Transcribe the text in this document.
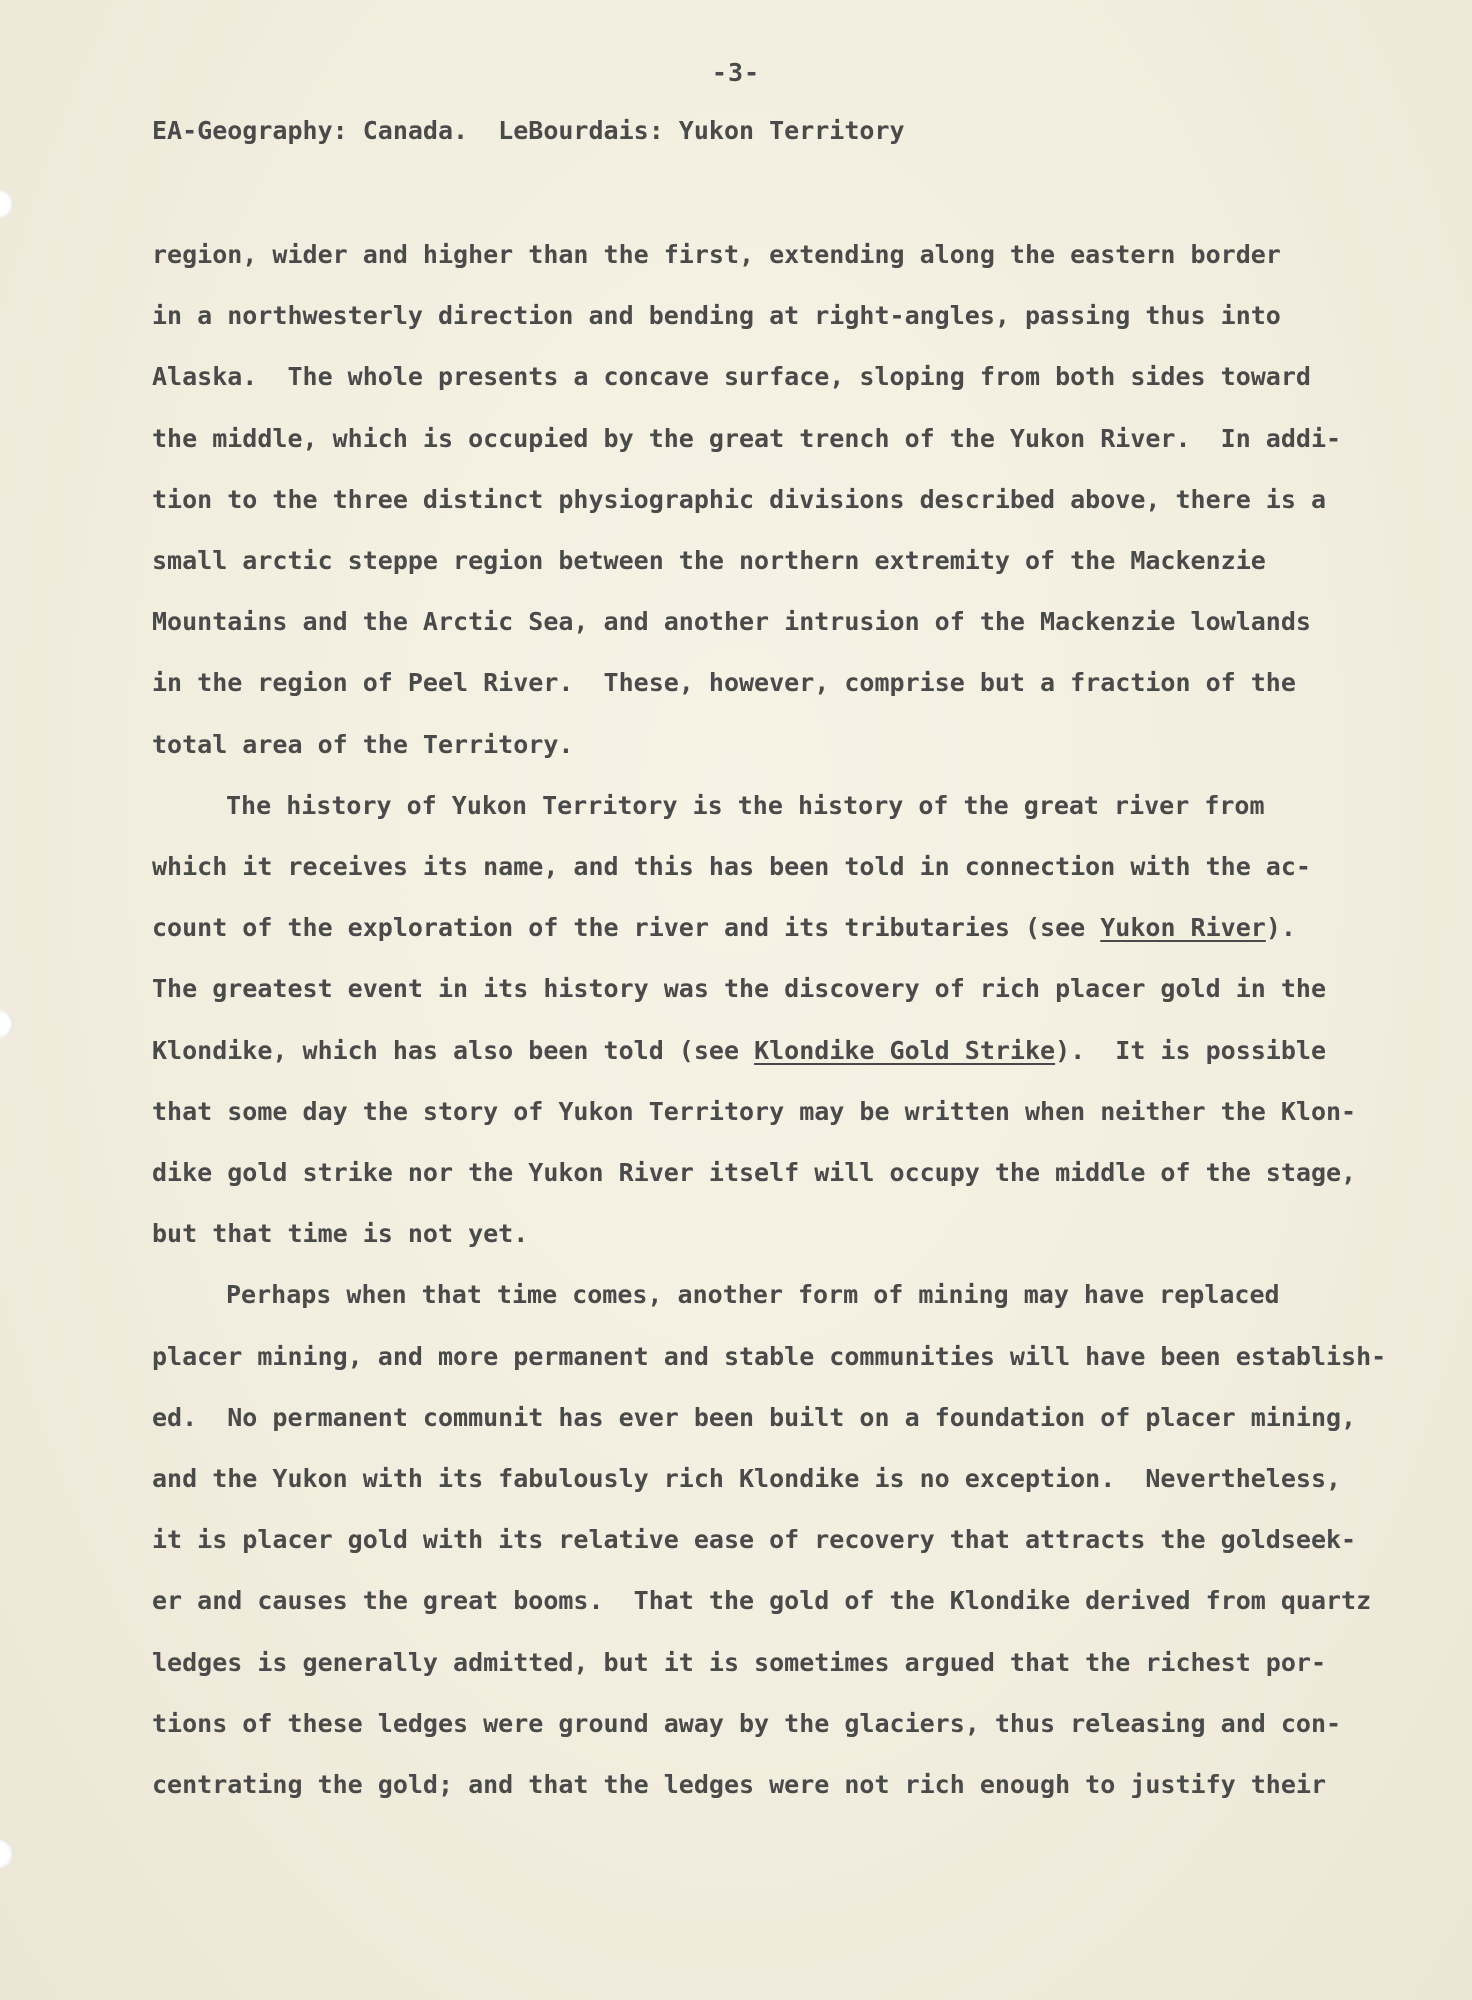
-3-
EA-Geography: Canada.  LeBourdais: Yukon Territory
region, wider and higher than the first, extending along the eastern border
in a northwesterly direction and bending at right-angles, passing thus into
Alaska.  The whole presents a concave surface, sloping from both sides toward
the middle, which is occupied by the great trench of the Yukon River.  In addi-
tion to the three distinct physiographic divisions described above, there is a
small arctic steppe region between the northern extremity of the Mackenzie
Mountains and the Arctic Sea, and another intrusion of the Mackenzie lowlands
in the region of Peel River.  These, however, comprise but a fraction of the
total area of the Territory.
The history of Yukon Territory is the history of the great river from
which it receives its name, and this has been told in connection with the ac-
count of the exploration of the river and its tributaries (see Yukon River).
The greatest event in its history was the discovery of rich placer gold in the
Klondike, which has also been told (see Klondike Gold Strike).  It is possible
that some day the story of Yukon Territory may be written when neither the Klon-
dike gold strike nor the Yukon River itself will occupy the middle of the stage,
but that time is not yet.
Perhaps when that time comes, another form of mining may have replaced
placer mining, and more permanent and stable communities will have been establish-
ed.  No permanent communit has ever been built on a foundation of placer mining,
and the Yukon with its fabulously rich Klondike is no exception.  Nevertheless,
it is placer gold with its relative ease of recovery that attracts the goldseek-
er and causes the great booms.  That the gold of the Klondike derived from quartz
ledges is generally admitted, but it is sometimes argued that the richest por-
tions of these ledges were ground away by the glaciers, thus releasing and con-
centrating the gold; and that the ledges were not rich enough to justify their
